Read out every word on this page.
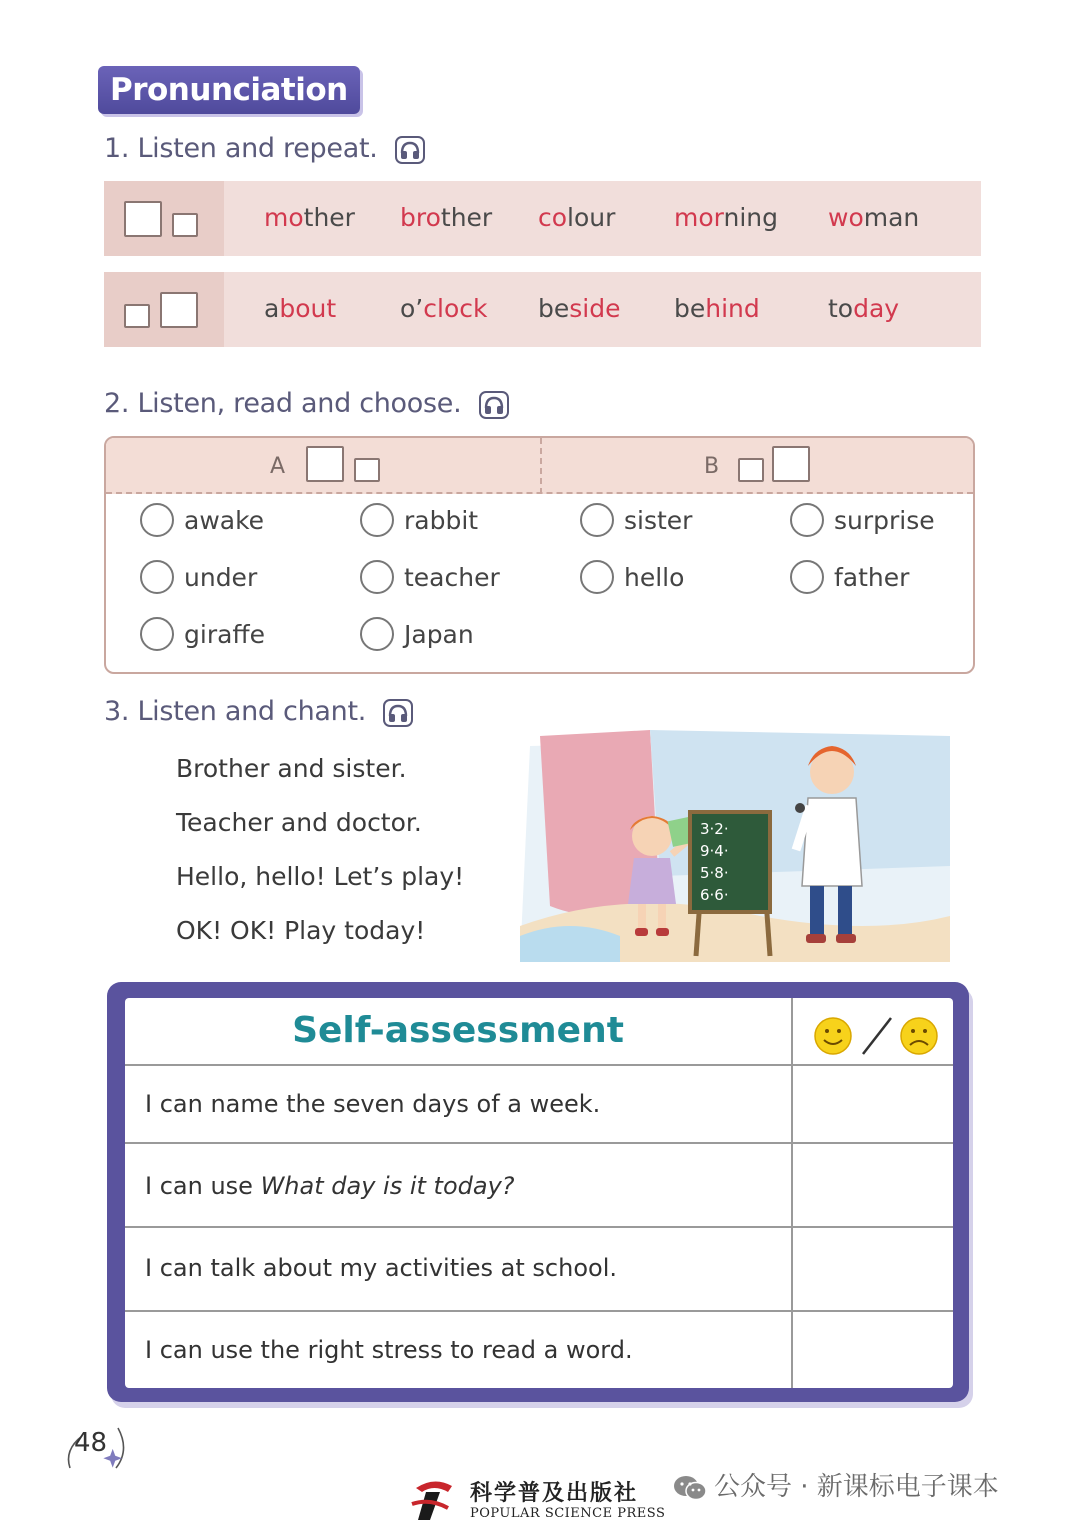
Pronunciation
1. Listen and repeat.
mother brother colour morning woman
about	o’clock beside behind	today
2. Listen, read and choose.
A	B
awake	rabbit	sister	surprise
under	teacher	hello	father
giraffe	Japan
3. Listen and chant.
Brother and sister.
Teacher and doctor.
Hello, hello! Let’s play!
OK! OK! Play today!
3·2·
9·4·
5·8·
6·6·
Self-assessment
I can name the seven days of a week.
I can use What day is it today?
I can talk about my activities at school.
I can use the right stress to read a word.
48
科学普及出版社
POPULAR SCIENCE PRESS
公众号 · 新课标电子课本
